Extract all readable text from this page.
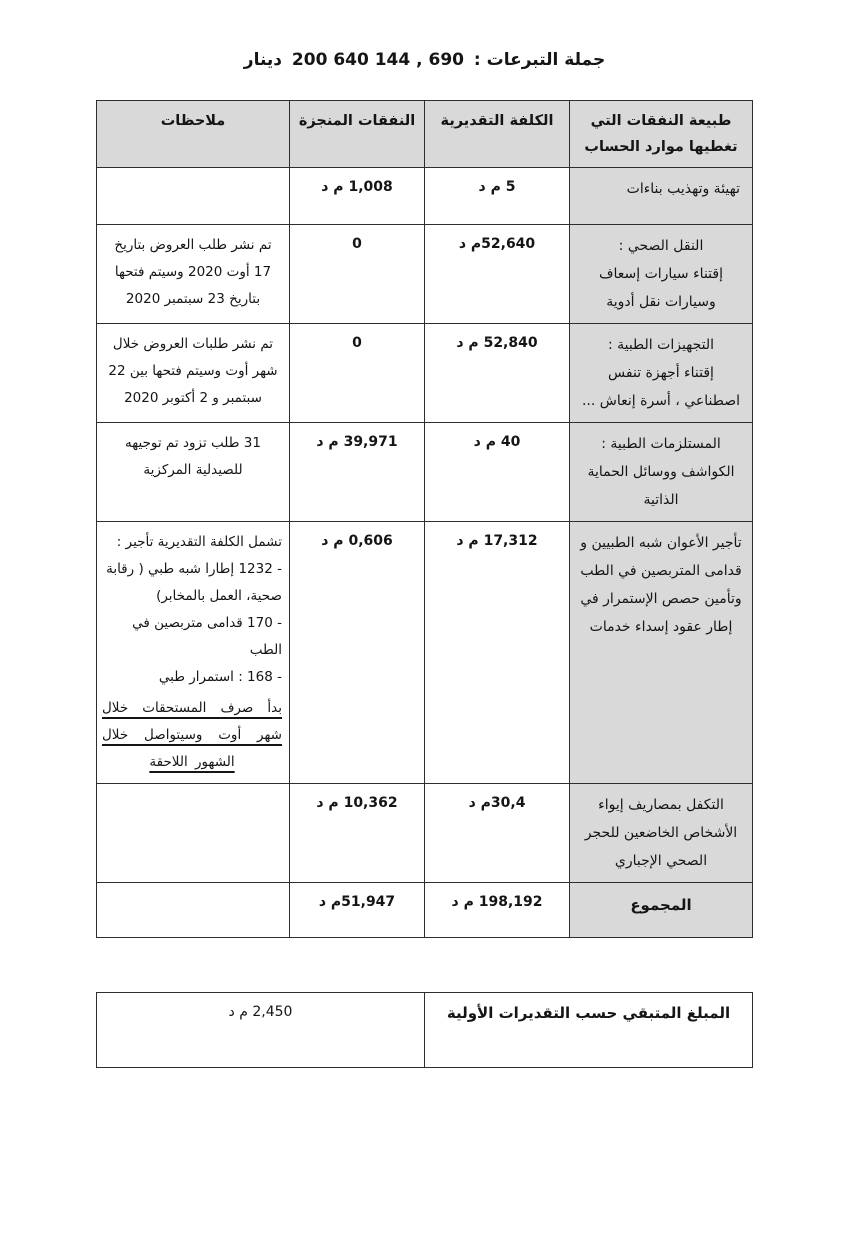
جملة التبرعات : 200 640 144 , 690 دينار
طبيعة النفقات التي تغطيها موارد الحساب	الكلفة التقديرية	النفقات المنجزة	ملاحظات
تهيئة وتهذيب بناءات	5 م د	1,008 م د	

النقل الصحي :
إقتناء سيارات إسعاف وسيارات نقل أدوية	52,640م د	0	تم نشر طلب العروض بتاريخ 17 أوت 2020 وسيتم فتحها بتاريخ 23 سبتمبر 2020

التجهيزات الطبية :
إقتناء أجهزة تنفس اصطناعي ، أسرة إنعاش ...	52,840 م د	0	تم نشر طلبات العروض خلال شهر أوت وسيتم فتحها بين 22 سبتمبر و 2 أكتوبر 2020

المستلزمات الطبية :
الكواشف ووسائل الحماية الذاتية	40 م د	39,971 م د	31 طلب تزود تم توجيهه للصيدلية المركزية
تأجير الأعوان شبه الطبيين و قدامى المتربصين في الطب وتأمين حصص الإستمرار في إطار عقود إسداء خدمات	17,312 م د	0,606 م د	تشمل الكلفة التقديرية تأجير :
- 1232 إطارا شبه طبي ( رقابة صحية، العمل بالمخابر)
- 170 قدامى متربصين في الطب
- 168 : استمرار طبي
بدأ صرف المستحقات خلال شهر أوت وسيتواصل خلال الشهور اللاحقة

التكفل بمصاريف إيواء الأشخاص الخاضعين للحجر الصحي الإجباري	30,4م د	10,362 م د	
المجموع	198,192 م د	51,947م د	
المبلغ المتبقي حسب التقديرات الأولية	2,450 م د
